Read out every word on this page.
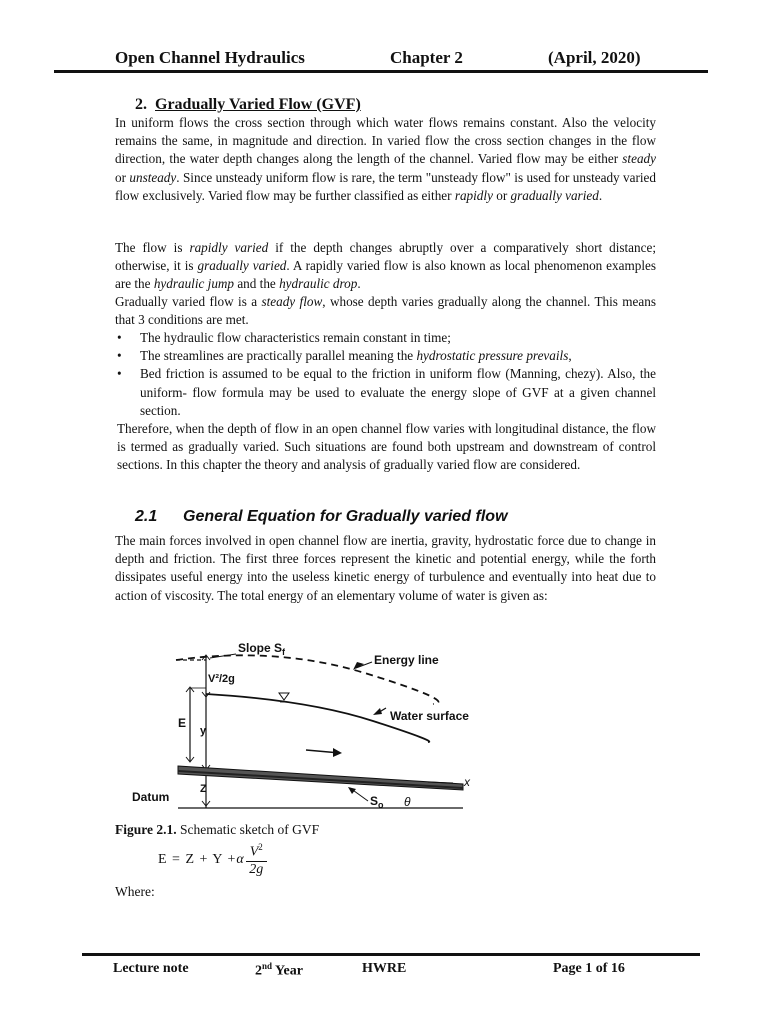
Open Channel Hydraulics	Chapter 2	(April, 2020)
2. Gradually Varied Flow (GVF)
In uniform flows the cross section through which water flows remains constant. Also the velocity remains the same, in magnitude and direction. In varied flow the cross section changes in the flow direction, the water depth changes along the length of the channel. Varied flow may be either steady or unsteady. Since unsteady uniform flow is rare, the term "unsteady flow" is used for unsteady varied flow exclusively. Varied flow may be further classified as either rapidly or gradually varied.
The flow is rapidly varied if the depth changes abruptly over a comparatively short distance; otherwise, it is gradually varied. A rapidly varied flow is also known as local phenomenon examples are the hydraulic jump and the hydraulic drop.
Gradually varied flow is a steady flow, whose depth varies gradually along the channel. This means that 3 conditions are met.
• The hydraulic flow characteristics remain constant in time;
• The streamlines are practically parallel meaning the hydrostatic pressure prevails,
• Bed friction is assumed to be equal to the friction in uniform flow (Manning, chezy). Also, the uniform- flow formula may be used to evaluate the energy slope of GVF at a given channel section.
Therefore, when the depth of flow in an open channel flow varies with longitudinal distance, the flow is termed as gradually varied. Such situations are found both upstream and downstream of control sections. In this chapter the theory and analysis of gradually varied flow are considered.
2.1 General Equation for Gradually varied flow
The main forces involved in open channel flow are inertia, gravity, hydrostatic force due to change in depth and friction. The first three forces represent the kinetic and potential energy, while the forth dissipates useful energy into the useless kinetic energy of turbulence and eventually into heat due to action of viscosity. The total energy of an elementary volume of water is given as:
Slope $S_f$
Energy line
V²/2g
Water surface
E
y
Z
Datum
x
$S_o$ θ
Figure 2.1. Schematic sketch of GVF
$E = Z + Y +\alpha \frac{V^2}{2g}$
Where:
Lecture note	2nd Year	HWRE	Page 1 of 16
